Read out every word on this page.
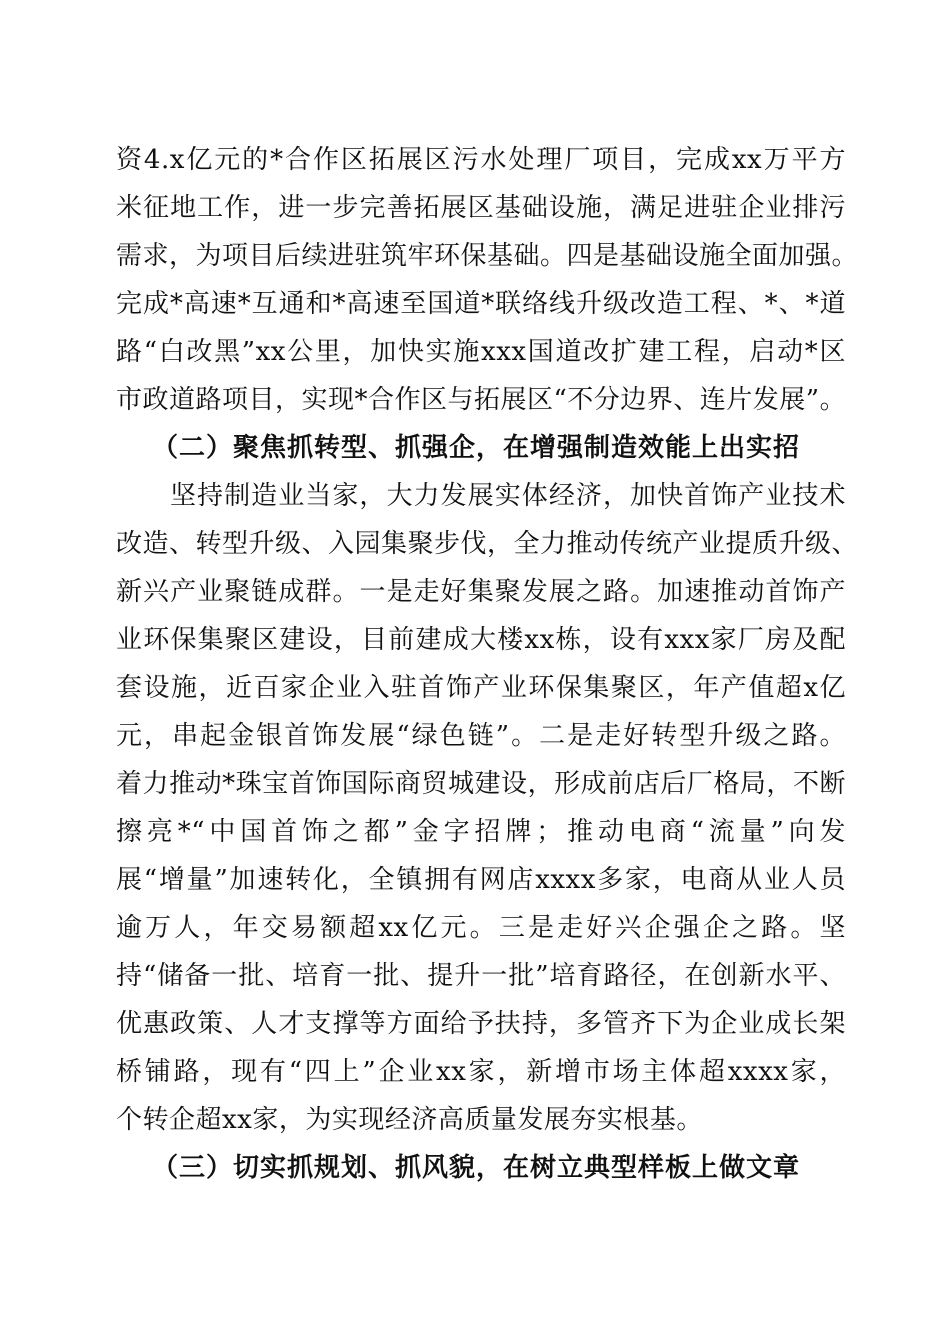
资4.x亿元的*合作区拓展区污水处理厂项目，完成xx万平方
米征地工作，进一步完善拓展区基础设施，满足进驻企业排污
需求，为项目后续进驻筑牢环保基础。四是基础设施全面加强。
完成*高速*互通和*高速至国道*联络线升级改造工程、*、*道
路“白改黑”xx公里，加快实施xxx国道改扩建工程，启动*区
市政道路项目，实现*合作区与拓展区“不分边界、连片发展”。
（二）聚焦抓转型、抓强企，在增强制造效能上出实招
坚持制造业当家，大力发展实体经济，加快首饰产业技术
改造、转型升级、入园集聚步伐，全力推动传统产业提质升级、
新兴产业聚链成群。一是走好集聚发展之路。加速推动首饰产
业环保集聚区建设，目前建成大楼xx栋，设有xxx家厂房及配
套设施，近百家企业入驻首饰产业环保集聚区，年产值超x亿
元，串起金银首饰发展“绿色链”。二是走好转型升级之路。
着力推动*珠宝首饰国际商贸城建设，形成前店后厂格局，不断
擦亮*“中国首饰之都”金字招牌；推动电商“流量”向发
展“增量”加速转化，全镇拥有网店xxxx多家，电商从业人员
逾万人，年交易额超xx亿元。三是走好兴企强企之路。坚
持“储备一批、培育一批、提升一批”培育路径，在创新水平、
优惠政策、人才支撑等方面给予扶持，多管齐下为企业成长架
桥铺路，现有“四上”企业xx家，新增市场主体超xxxx家，
个转企超xx家，为实现经济高质量发展夯实根基。
（三）切实抓规划、抓风貌，在树立典型样板上做文章
